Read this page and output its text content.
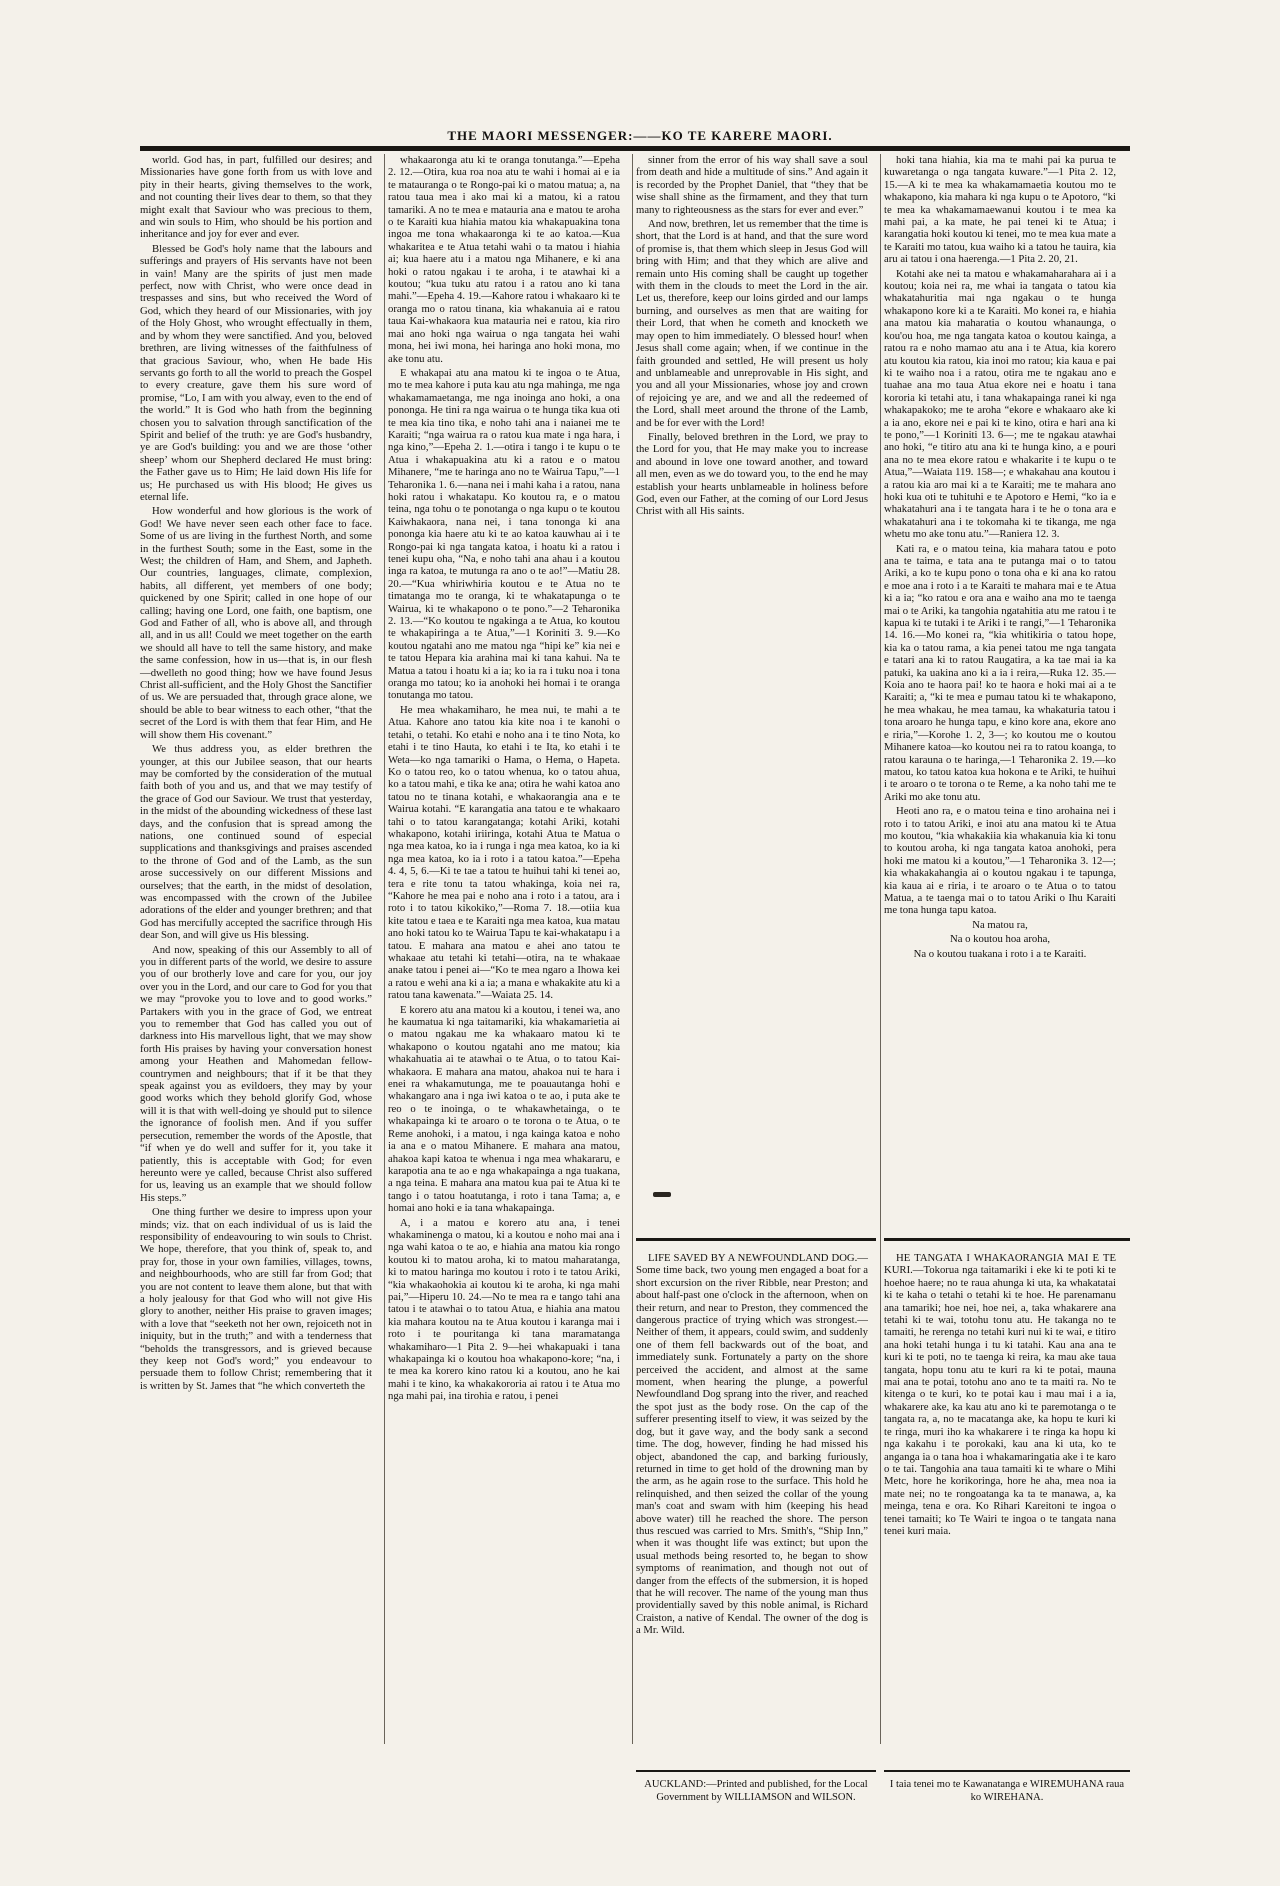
THE MAORI MESSENGER:——KO TE KARERE MAORI.

world. God has, in part, fulfilled our desires; and Missionaries have gone forth from us with love and pity in their hearts, giving themselves to the work, and not counting their lives dear to them, so that they might exalt that Saviour who was precious to them, and win souls to Him, who should be his portion and inheritance and joy for ever and ever.

Blessed be God's holy name that the labours and sufferings and prayers of His servants have not been in vain! Many are the spirits of just men made perfect, now with Christ, who were once dead in trespasses and sins, but who received the Word of God, which they heard of our Missionaries, with joy of the Holy Ghost, who wrought effectually in them, and by whom they were sanctified. And you, beloved brethren, are living witnesses of the faithfulness of that gracious Saviour, who, when He bade His servants go forth to all the world to preach the Gospel to every creature, gave them his sure word of promise, “Lo, I am with you alway, even to the end of the world.” It is God who hath from the beginning chosen you to salvation through sanctification of the Spirit and belief of the truth: ye are God's husbandry, ye are God's building: you and we are those ‘other sheep’ whom our Shepherd declared He must bring: the Father gave us to Him; He laid down His life for us; He purchased us with His blood; He gives us eternal life.

How wonderful and how glorious is the work of God! We have never seen each other face to face. Some of us are living in the furthest North, and some in the furthest South; some in the East, some in the West; the children of Ham, and Shem, and Japheth. Our countries, languages, climate, complexion, habits, all different, yet members of one body; quickened by one Spirit; called in one hope of our calling; having one Lord, one faith, one baptism, one God and Father of all, who is above all, and through all, and in us all! Could we meet together on the earth we should all have to tell the same history, and make the same confession, how in us—that is, in our flesh—dwelleth no good thing; how we have found Jesus Christ all-sufficient, and the Holy Ghost the Sanctifier of us. We are persuaded that, through grace alone, we should be able to bear witness to each other, “that the secret of the Lord is with them that fear Him, and He will show them His covenant.”

We thus address you, as elder brethren the younger, at this our Jubilee season, that our hearts may be comforted by the consideration of the mutual faith both of you and us, and that we may testify of the grace of God our Saviour. We trust that yesterday, in the midst of the abounding wickedness of these last days, and the confusion that is spread among the nations, one continued sound of especial supplications and thanksgivings and praises ascended to the throne of God and of the Lamb, as the sun arose successively on our different Missions and ourselves; that the earth, in the midst of desolation, was encompassed with the crown of the Jubilee adorations of the elder and younger brethren; and that God has mercifully accepted the sacrifice through His dear Son, and will give us His blessing.

And now, speaking of this our Assembly to all of you in different parts of the world, we desire to assure you of our brotherly love and care for you, our joy over you in the Lord, and our care to God for you that we may “provoke you to love and to good works.” Partakers with you in the grace of God, we entreat you to remember that God has called you out of darkness into His marvellous light, that we may show forth His praises by having your conversation honest among your Heathen and Mahomedan fellow-countrymen and neighbours; that if it be that they speak against you as evildoers, they may by your good works which they behold glorify God, whose will it is that with well-doing ye should put to silence the ignorance of foolish men. And if you suffer persecution, remember the words of the Apostle, that “if when ye do well and suffer for it, you take it patiently, this is acceptable with God; for even hereunto were ye called, because Christ also suffered for us, leaving us an example that we should follow His steps.”

One thing further we desire to impress upon your minds; viz. that on each individual of us is laid the responsibility of endeavouring to win souls to Christ. We hope, therefore, that you think of, speak to, and pray for, those in your own families, villages, towns, and neighbourhoods, who are still far from God; that you are not content to leave them alone, but that with a holy jealousy for that God who will not give His glory to another, neither His praise to graven images; with a love that “seeketh not her own, rejoiceth not in iniquity, but in the truth;” and with a tenderness that “beholds the transgressors, and is grieved because they keep not God's word;” you endeavour to persuade them to follow Christ; remembering that it is written by St. James that “he which converteth the

whakaaronga atu ki te oranga tonutanga.”—Epeha 2. 12.—Otira, kua roa noa atu te wahi i homai ai e ia te matauranga o te Rongo-pai ki o matou matua; a, na ratou taua mea i ako mai ki a matou, ki a ratou tamariki. A no te mea e matauria ana e matou te aroha o te Karaiti kua hiahia matou kia whakapuakina tona ingoa me tona whakaaronga ki te ao katoa.—Kua whakaritea e te Atua tetahi wahi o ta matou i hiahia ai; kua haere atu i a matou nga Mihanere, e ki ana hoki o ratou ngakau i te aroha, i te atawhai ki a koutou; “kua tuku atu ratou i a ratou ano ki tana mahi.”—Epeha 4. 19.—Kahore ratou i whakaaro ki te oranga mo o ratou tinana, kia whakanuia ai e ratou taua Kai-whakaora kua matauria nei e ratou, kia riro mai ano hoki nga wairua o nga tangata hei wahi mona, hei iwi mona, hei haringa ano hoki mona, mo ake tonu atu.

E whakapai atu ana matou ki te ingoa o te Atua, mo te mea kahore i puta kau atu nga mahinga, me nga whakamamaetanga, me nga inoinga ano hoki, a ona pononga. He tini ra nga wairua o te hunga tika kua oti te mea kia tino tika, e noho tahi ana i naianei me te Karaiti; “nga wairua ra o ratou kua mate i nga hara, i nga kino,”—Epeha 2. 1.—otira i tango i te kupu o te Atua i whakapuakina atu ki a ratou e o matou Mihanere, “me te haringa ano no te Wairua Tapu,”—1 Teharonika 1. 6.—nana nei i mahi kaha i a ratou, nana hoki ratou i whakatapu. Ko koutou ra, e o matou teina, nga tohu o te ponotanga o nga kupu o te koutou Kaiwhakaora, nana nei, i tana tononga ki ana pononga kia haere atu ki te ao katoa kauwhau ai i te Rongo-pai ki nga tangata katoa, i hoatu ki a ratou i tenei kupu oha, “Na, e noho tahi ana ahau i a koutou inga ra katoa, te mutunga ra ano o te ao!”—Matiu 28. 20.—“Kua whiriwhiria koutou e te Atua no te timatanga mo te oranga, ki te whakatapunga o te Wairua, ki te whakapono o te pono.”—2 Teharonika 2. 13.—“Ko koutou te ngakinga a te Atua, ko koutou te whakapiringa a te Atua,”—1 Koriniti 3. 9.—Ko koutou ngatahi ano me matou nga “hipi ke” kia nei e te tatou Hepara kia arahina mai ki tana kahui. Na te Matua a tatou i hoatu ki a ia; ko ia ra i tuku noa i tona oranga mo tatou; ko ia anohoki hei homai i te oranga tonutanga mo tatou.

He mea whakamiharo, he mea nui, te mahi a te Atua. Kahore ano tatou kia kite noa i te kanohi o tetahi, o tetahi. Ko etahi e noho ana i te tino Nota, ko etahi i te tino Hauta, ko etahi i te Ita, ko etahi i te Weta—ko nga tamariki o Hama, o Hema, o Hapeta. Ko o tatou reo, ko o tatou whenua, ko o tatou ahua, ko a tatou mahi, e tika ke ana; otira he wahi katoa ano tatou no te tinana kotahi, e whakaorangia ana e te Wairua kotahi. “E karangatia ana tatou e te whakaaro tahi o to tatou karangatanga; kotahi Ariki, kotahi whakapono, kotahi iriiringa, kotahi Atua te Matua o nga mea katoa, ko ia i runga i nga mea katoa, ko ia ki nga mea katoa, ko ia i roto i a tatou katoa.”—Epeha 4. 4, 5, 6.—Ki te tae a tatou te huihui tahi ki tenei ao, tera e rite tonu ta tatou whakinga, koia nei ra, “Kahore he mea pai e noho ana i roto i a tatou, ara i roto i to tatou kikokiko,”—Roma 7. 18.—otiia kua kite tatou e taea e te Karaiti nga mea katoa, kua matau ano hoki tatou ko te Wairua Tapu te kai-whakatapu i a tatou. E mahara ana matou e ahei ano tatou te whakaae atu tetahi ki tetahi—otira, na te whakaae anake tatou i penei ai—“Ko te mea ngaro a Ihowa kei a ratou e wehi ana ki a ia; a mana e whakakite atu ki a ratou tana kawenata.”—Waiata 25. 14.

E korero atu ana matou ki a koutou, i tenei wa, ano he kaumatua ki nga taitamariki, kia whakamarietia ai o matou ngakau me ka whakaaro matou ki te whakapono o koutou ngatahi ano me matou; kia whakahuatia ai te atawhai o te Atua, o to tatou Kai-whakaora. E mahara ana matou, ahakoa nui te hara i enei ra whakamutunga, me te poauautanga hohi e whakangaro ana i nga iwi katoa o te ao, i puta ake te reo o te inoinga, o te whakawhetainga, o te whakapainga ki te aroaro o te torona o te Atua, o te Reme anohoki, i a matou, i nga kainga katoa e noho ia ana e o matou Mihanere. E mahara ana matou, ahakoa kapi katoa te whenua i nga mea whakararu, e karapotia ana te ao e nga whakapainga a nga tuakana, a nga teina. E mahara ana matou kua pai te Atua ki te tango i o tatou hoatutanga, i roto i tana Tama; a, e homai ano hoki e ia tana whakapainga.

A, i a matou e korero atu ana, i tenei whakaminenga o matou, ki a koutou e noho mai ana i nga wahi katoa o te ao, e hiahia ana matou kia rongo koutou ki to matou aroha, ki to matou maharatanga, ki to matou haringa mo koutou i roto i te tatou Ariki, “kia whakaohokia ai koutou ki te aroha, ki nga mahi pai,”—Hiperu 10. 24.—No te mea ra e tango tahi ana tatou i te atawhai o to tatou Atua, e hiahia ana matou kia mahara koutou na te Atua koutou i karanga mai i roto i te pouritanga ki tana maramatanga whakamiharo—1 Pita 2. 9—hei whakapuaki i tana whakapainga ki o koutou hoa whakapono-kore; “na, i te mea ka korero kino ratou ki a koutou, ano he kai mahi i te kino, ka whakakororia ai ratou i te Atua mo nga mahi pai, ina tirohia e ratou, i penei

sinner from the error of his way shall save a soul from death and hide a multitude of sins.” And again it is recorded by the Prophet Daniel, that “they that be wise shall shine as the firmament, and they that turn many to righteousness as the stars for ever and ever.”

And now, brethren, let us remember that the time is short, that the Lord is at hand, and that the sure word of promise is, that them which sleep in Jesus God will bring with Him; and that they which are alive and remain unto His coming shall be caught up together with them in the clouds to meet the Lord in the air. Let us, therefore, keep our loins girded and our lamps burning, and ourselves as men that are waiting for their Lord, that when he cometh and knocketh we may open to him immediately. O blessed hour! when Jesus shall come again; when, if we continue in the faith grounded and settled, He will present us holy and unblameable and unreprovable in His sight, and you and all your Missionaries, whose joy and crown of rejoicing ye are, and we and all the redeemed of the Lord, shall meet around the throne of the Lamb, and be for ever with the Lord!

Finally, beloved brethren in the Lord, we pray to the Lord for you, that He may make you to increase and abound in love one toward another, and toward all men, even as we do toward you, to the end he may establish your hearts unblameable in holiness before God, even our Father, at the coming of our Lord Jesus Christ with all His saints.

LIFE SAVED BY A NEWFOUNDLAND DOG.—Some time back, two young men engaged a boat for a short excursion on the river Ribble, near Preston; and about half-past one o'clock in the afternoon, when on their return, and near to Preston, they commenced the dangerous practice of trying which was strongest.—Neither of them, it appears, could swim, and suddenly one of them fell backwards out of the boat, and immediately sunk. Fortunately a party on the shore perceived the accident, and almost at the same moment, when hearing the plunge, a powerful Newfoundland Dog sprang into the river, and reached the spot just as the body rose. On the cap of the sufferer presenting itself to view, it was seized by the dog, but it gave way, and the body sank a second time. The dog, however, finding he had missed his object, abandoned the cap, and barking furiously, returned in time to get hold of the drowning man by the arm, as he again rose to the surface. This hold he relinquished, and then seized the collar of the young man's coat and swam with him (keeping his head above water) till he reached the shore. The person thus rescued was carried to Mrs. Smith's, “Ship Inn,” when it was thought life was extinct; but upon the usual methods being resorted to, he began to show symptoms of reanimation, and though not out of danger from the effects of the submersion, it is hoped that he will recover. The name of the young man thus providentially saved by this noble animal, is Richard Craiston, a native of Kendal. The owner of the dog is a Mr. Wild.

hoki tana hiahia, kia ma te mahi pai ka purua te kuwaretanga o nga tangata kuware.”—1 Pita 2. 12, 15.—A ki te mea ka whakamamaetia koutou mo te whakapono, kia mahara ki nga kupu o te Apotoro, “ki te mea ka whakamamaewanui koutou i te mea ka mahi pai, a ka mate, he pai tenei ki te Atua; i karangatia hoki koutou ki tenei, mo te mea kua mate a te Karaiti mo tatou, kua waiho ki a tatou he tauira, kia aru ai tatou i ona haerenga.—1 Pita 2. 20, 21.

Kotahi ake nei ta matou e whakamaharahara ai i a koutou; koia nei ra, me whai ia tangata o tatou kia whakatahuritia mai nga ngakau o te hunga whakapono kore ki a te Karaiti. Mo konei ra, e hiahia ana matou kia maharatia o koutou whanaunga, o kou'ou hoa, me nga tangata katoa o koutou kainga, a ratou ra e noho mamao atu ana i te Atua, kia korero atu koutou kia ratou, kia inoi mo ratou; kia kaua e pai ki te waiho noa i a ratou, otira me te ngakau ano e tuahae ana mo taua Atua ekore nei e hoatu i tana kororia ki tetahi atu, i tana whakapainga ranei ki nga whakapakoko; me te aroha “ekore e whakaaro ake ki a ia ano, ekore nei e pai ki te kino, otira e hari ana ki te pono,”—1 Koriniti 13. 6—; me te ngakau atawhai ano hoki, “e titiro atu ana ki te hunga kino, a e pouri ana no te mea ekore ratou e whakarite i te kupu o te Atua,”—Waiata 119. 158—; e whakahau ana koutou i a ratou kia aro mai ki a te Karaiti; me te mahara ano hoki kua oti te tuhituhi e te Apotoro e Hemi, “ko ia e whakatahuri ana i te tangata hara i te he o tona ara e whakatahuri ana i te tokomaha ki te tikanga, me nga whetu mo ake tonu atu.”—Raniera 12. 3.

Kati ra, e o matou teina, kia mahara tatou e poto ana te taima, e tata ana te putanga mai o to tatou Ariki, a ko te kupu pono o tona oha e ki ana ko ratou e moe ana i roto i a te Karaiti te mahara mai e te Atua ki a ia; “ko ratou e ora ana e waiho ana mo te taenga mai o te Ariki, ka tangohia ngatahitia atu me ratou i te kapua ki te tutaki i te Ariki i te rangi,”—1 Teharonika 14. 16.—Mo konei ra, “kia whitikiria o tatou hope, kia ka o tatou rama, a kia penei tatou me nga tangata e tatari ana ki to ratou Raugatira, a ka tae mai ia ka patuki, ka uakina ano ki a ia i reira,—Ruka 12. 35.—Koia ano te haora pai! ko te haora e hoki mai ai a te Karaiti; a, “ki te mea e pumau tatou ki te whakapono, he mea whakau, he mea tamau, ka whakaturia tatou i tona aroaro he hunga tapu, e kino kore ana, ekore ano e riria,”—Korohe 1. 2, 3—; ko koutou me o koutou Mihanere katoa—ko koutou nei ra to ratou koanga, to ratou karauna o te haringa,—1 Teharonika 2. 19.—ko matou, ko tatou katoa kua hokona e te Ariki, te huihui i te aroaro o te torona o te Reme, a ka noho tahi me te Ariki mo ake tonu atu.

Heoti ano ra, e o matou teina e tino arohaina nei i roto i to tatou Ariki, e inoi atu ana matou ki te Atua mo koutou, “kia whakakiia kia whakanuia kia ki tonu to koutou aroha, ki nga tangata katoa anohoki, pera hoki me matou ki a koutou,”—1 Teharonika 3. 12—; kia whakakahangia ai o koutou ngakau i te tapunga, kia kaua ai e riria, i te aroaro o te Atua o to tatou Matua, a te taenga mai o to tatou Ariki o Ihu Karaiti me tona hunga tapu katoa.

Na matou ra,

Na o koutou hoa aroha,

Na o koutou tuakana i roto i a te Karaiti.

HE TANGATA I WHAKAORANGIA MAI E TE KURI.—Tokorua nga taitamariki i eke ki te poti ki te hoehoe haere; no te raua ahunga ki uta, ka whakatatai ki te kaha o tetahi o tetahi ki te hoe. He parenamanu ana tamariki; hoe nei, hoe nei, a, taka whakarere ana tetahi ki te wai, totohu tonu atu. He takanga no te tamaiti, he rerenga no tetahi kuri nui ki te wai, e titiro ana hoki tetahi hunga i tu ki tatahi. Kau ana ana te kuri ki te poti, no te taenga ki reira, ka mau ake taua tangata, hopu tonu atu te kuri ra ki te potai, mauna mai ana te potai, totohu ano ano te ta maiti ra. No te kitenga o te kuri, ko te potai kau i mau mai i a ia, whakarere ake, ka kau atu ano ki te paremotanga o te tangata ra, a, no te macatanga ake, ka hopu te kuri ki te ringa, muri iho ka whakarere i te ringa ka hopu ki nga kakahu i te porokaki, kau ana ki uta, ko te anganga ia o tana hoa i whakamaringatia ake i te karo o te tai. Tangohia ana taua tamaiti ki te whare o Mihi Metc, hore he korikoringa, hore he aha, mea noa ia mate nei; no te rongoatanga ka ta te manawa, a, ka meinga, tena e ora. Ko Rihari Kareitoni te ingoa o tenei tamaiti; ko Te Wairi te ingoa o te tangata nana tenei kuri maia.

AUCKLAND:—Printed and published, for the Local
Government by WILLIAMSON and WILSON.
I taia tenei mo te Kawanatanga e WIREMUHANA raua
ko WIREHANA.
